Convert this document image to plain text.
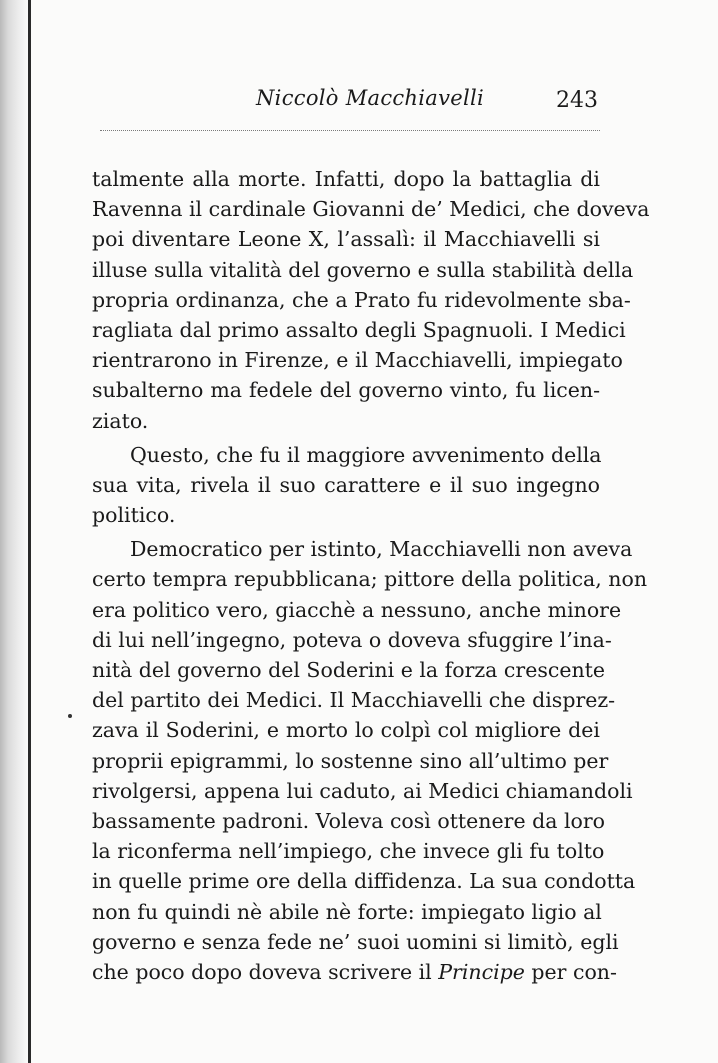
Niccolò Macchiavelli	243
talmente alla morte. Infatti, dopo la battaglia di
Ravenna il cardinale Giovanni de’ Medici, che doveva
poi diventare Leone X, l’assalì: il Macchiavelli si
illuse sulla vitalità del governo e sulla stabilità della
propria ordinanza, che a Prato fu ridevolmente sba-
ragliata dal primo assalto degli Spagnuoli. I Medici
rientrarono in Firenze, e il Macchiavelli, impiegato
subalterno ma fedele del governo vinto, fu licen-
ziato.
Questo, che fu il maggiore avvenimento della
sua vita, rivela il suo carattere e il suo ingegno
politico.
Democratico per istinto, Macchiavelli non aveva
certo tempra repubblicana; pittore della politica, non
era politico vero, giacchè a nessuno, anche minore
di lui nell’ingegno, poteva o doveva sfuggire l’ina-
nità del governo del Soderini e la forza crescente
del partito dei Medici. Il Macchiavelli che disprez-
zava il Soderini, e morto lo colpì col migliore dei
proprii epigrammi, lo sostenne sino all’ultimo per
rivolgersi, appena lui caduto, ai Medici chiamandoli
bassamente padroni. Voleva così ottenere da loro
la riconferma nell’impiego, che invece gli fu tolto
in quelle prime ore della diffidenza. La sua condotta
non fu quindi nè abile nè forte: impiegato ligio al
governo e senza fede ne’ suoi uomini si limitò, egli
che poco dopo doveva scrivere il Principe per con-
